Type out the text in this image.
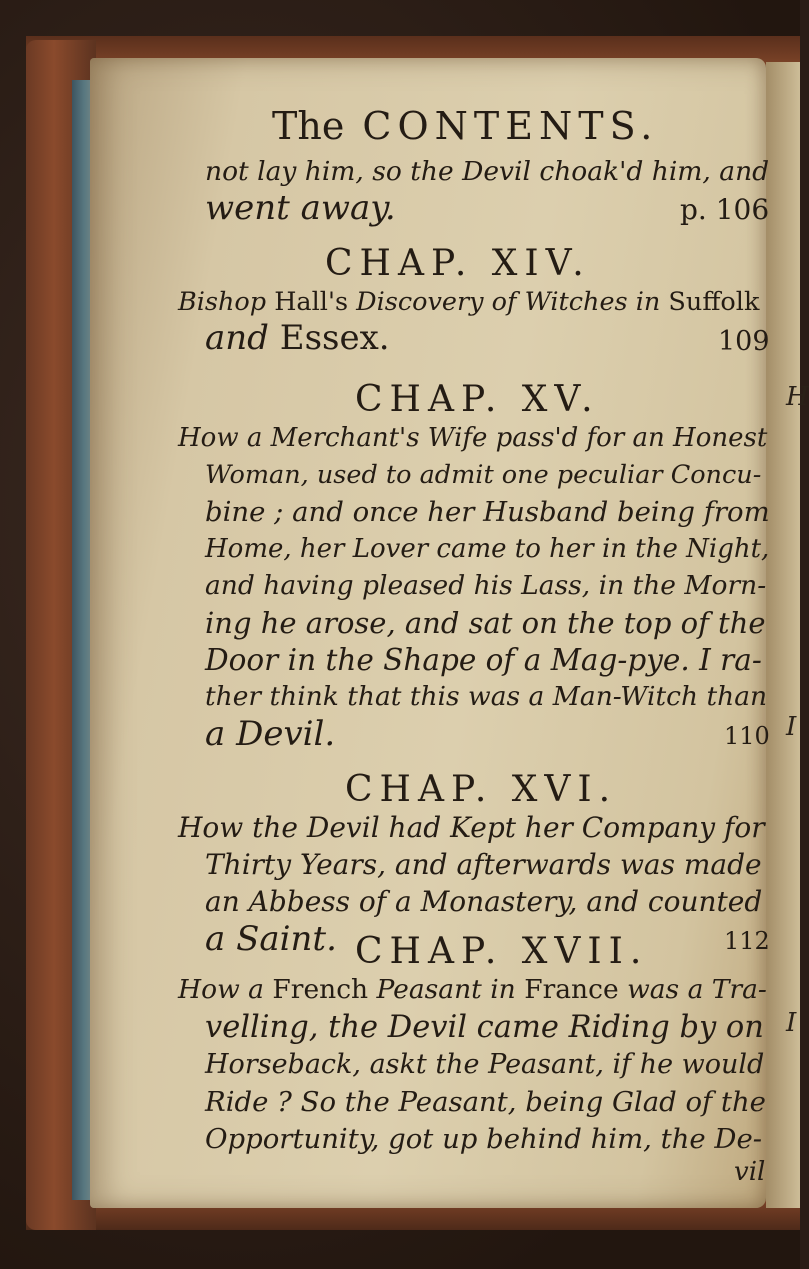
H
I
I
The CONTENTS.
not lay him, so the Devil choak'd him, and
went away.	p. 106
CHAP. XIV.
Bishop Hall's Discovery of Witches in Suffolk
and Essex.	109
CHAP. XV.
How a Merchant's Wife pass'd for an Honest
Woman, used to admit one peculiar Concu-
bine ; and once her Husband being from
Home, her Lover came to her in the Night,
and having pleased his Lass, in the Morn-
ing he arose, and sat on the top of the
Door in the Shape of a Mag-pye. I ra-
ther think that this was a Man-Witch than
a Devil.	110
CHAP. XVI.
How the Devil had Kept her Company for
Thirty Years, and afterwards was made
an Abbess of a Monastery, and counted
a Saint.	112
CHAP. XVII.
How a French Peasant in France was a Tra-
velling, the Devil came Riding by on
Horseback, askt the Peasant, if he would
Ride ? So the Peasant, being Glad of the
Opportunity, got up behind him, the De-
vil
